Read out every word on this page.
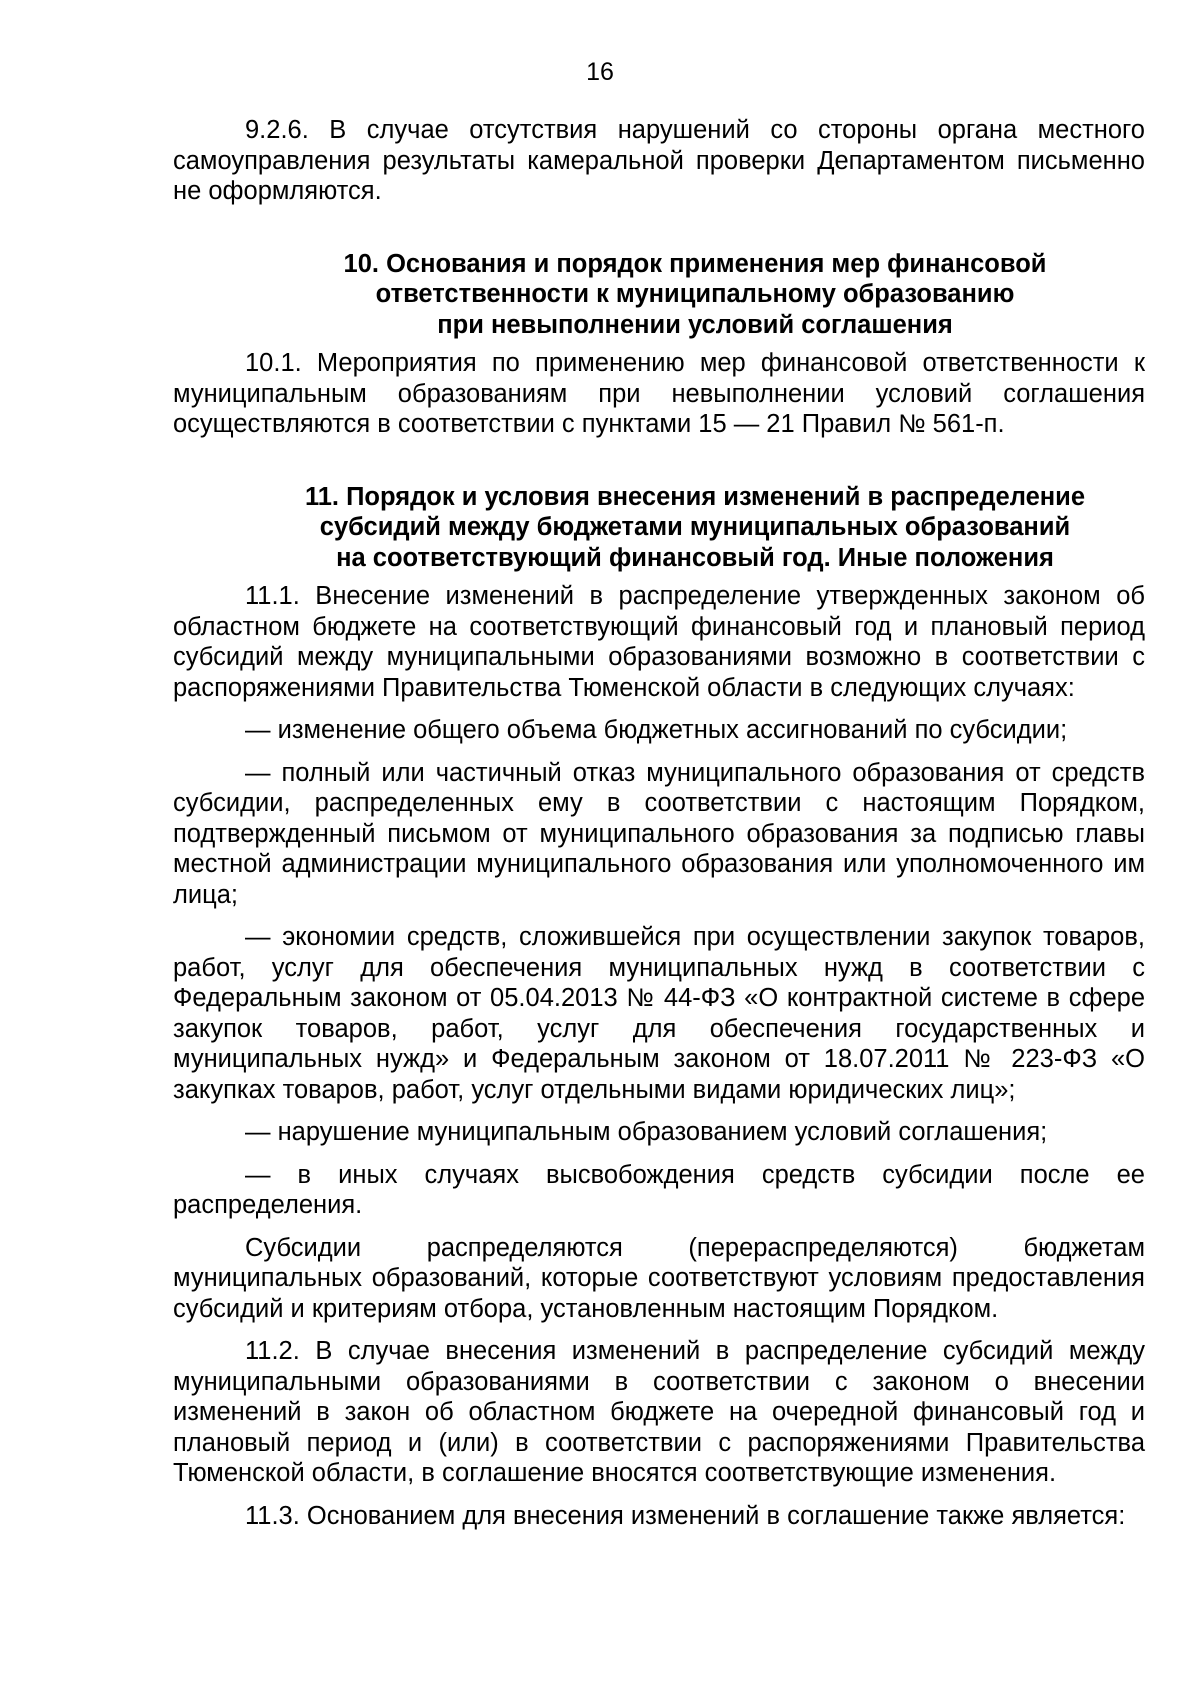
16

9.2.6. В случае отсутствия нарушений со стороны органа местного самоуправления результаты камеральной проверки Департаментом письменно не оформляются.

10. Основания и порядок применения мер финансовой

ответственности к муниципальному образованию

при невыполнении условий соглашения

10.1. Мероприятия по применению мер финансовой ответственности к муниципальным образованиям при невыполнении условий соглашения осуществляются в соответствии с пунктами 15 — 21 Правил № 561-п.

11. Порядок и условия внесения изменений в распределение

субсидий между бюджетами муниципальных образований

на соответствующий финансовый год. Иные положения

11.1. Внесение изменений в распределение утвержденных законом об областном бюджете на соответствующий финансовый год и плановый период субсидий между муниципальными образованиями возможно в соответствии с распоряжениями Правительства Тюменской области в следующих случаях:

— изменение общего объема бюджетных ассигнований по субсидии;

— полный или частичный отказ муниципального образования от средств субсидии, распределенных ему в соответствии с настоящим Порядком, подтвержденный письмом от муниципального образования за подписью главы местной администрации муниципального образования или уполномоченного им лица;

— экономии средств, сложившейся при осуществлении закупок товаров, работ, услуг для обеспечения муниципальных нужд в соответствии с Федеральным законом от 05.04.2013 № 44-ФЗ «О контрактной системе в сфере закупок товаров, работ, услуг для обеспечения государственных и муниципальных нужд» и Федеральным законом от 18.07.2011 № 223-ФЗ «О закупках товаров, работ, услуг отдельными видами юридических лиц»;

— нарушение муниципальным образованием условий соглашения;

— в иных случаях высвобождения средств субсидии после ее распределения.

Субсидии распределяются (перераспределяются) бюджетам муниципальных образований, которые соответствуют условиям предоставления субсидий и критериям отбора, установленным настоящим Порядком.

11.2. В случае внесения изменений в распределение субсидий между муниципальными образованиями в соответствии с законом о внесении изменений в закон об областном бюджете на очередной финансовый год и плановый период и (или) в соответствии с распоряжениями Правительства Тюменской области, в соглашение вносятся соответствующие изменения.

11.3. Основанием для внесения изменений в соглашение также является:
